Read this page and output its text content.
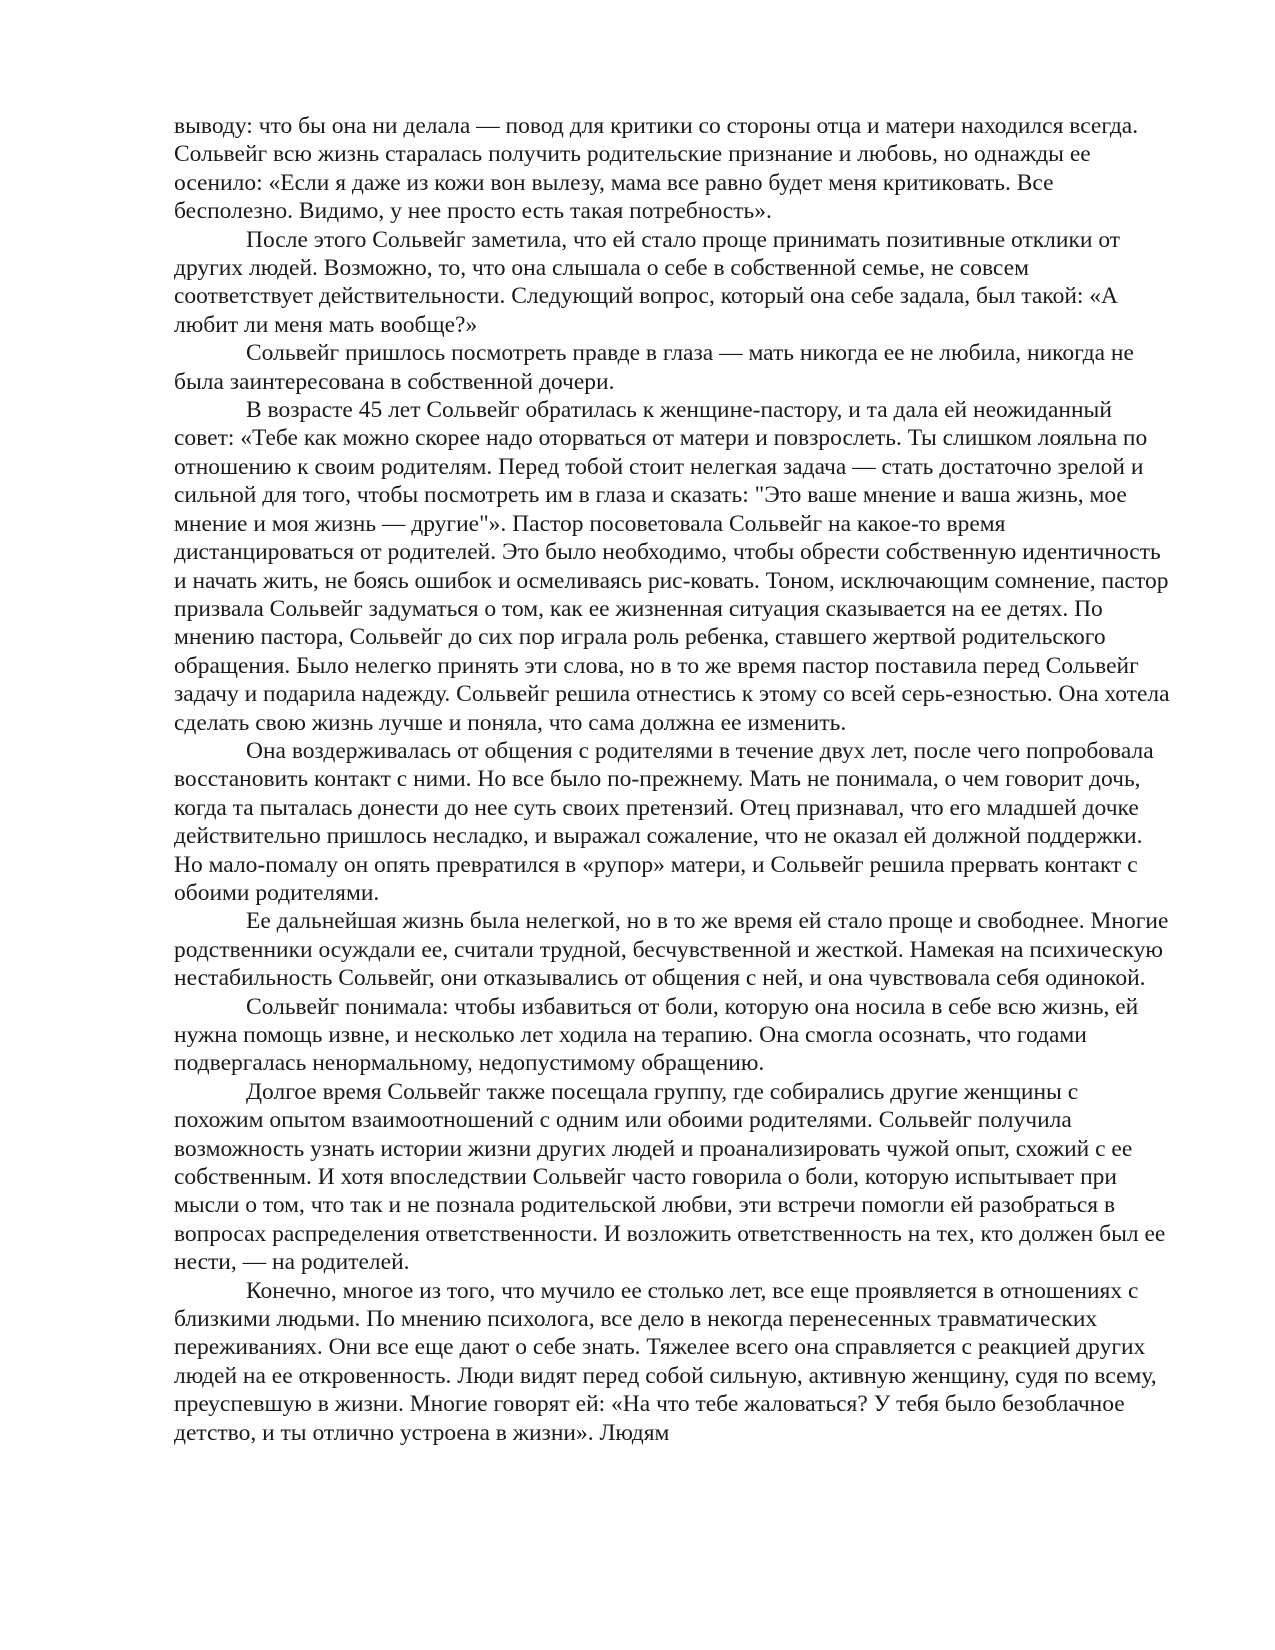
выводу: что бы она ни делала — повод для критики со стороны отца и матери находился всегда. Сольвейг всю жизнь старалась получить родительские признание и любовь, но однажды ее осенило: «Если я даже из кожи вон вылезу, мама все равно будет меня критиковать. Все бесполезно. Видимо, у нее просто есть такая потребность».

После этого Сольвейг заметила, что ей стало проще принимать позитивные отклики от других людей. Возможно, то, что она слышала о себе в собственной семье, не совсем соответствует действительности. Следующий вопрос, который она себе задала, был такой: «А любит ли меня мать вообще?»

Сольвейг пришлось посмотреть правде в глаза — мать никогда ее не любила, никогда не была заинтересована в собственной дочери.

В возрасте 45 лет Сольвейг обратилась к женщине-пастору, и та дала ей неожиданный совет: «Тебе как можно скорее надо оторваться от матери и повзрослеть. Ты слишком лояльна по отношению к своим родителям. Перед тобой стоит нелегкая задача — стать достаточно зрелой и сильной для того, чтобы посмотреть им в глаза и сказать: "Это ваше мнение и ваша жизнь, мое мнение и моя жизнь — другие"». Пастор посоветовала Сольвейг на какое-то время дистанцироваться от родителей. Это было необходимо, чтобы обрести собственную идентичность и начать жить, не боясь ошибок и осмеливаясь рис-ковать. Тоном, исключающим сомнение, пастор призвала Сольвейг задуматься о том, как ее жизненная ситуация сказывается на ее детях. По мнению пастора, Сольвейг до сих пор играла роль ребенка, ставшего жертвой родительского обращения. Было нелегко принять эти слова, но в то же время пастор поставила перед Сольвейг задачу и подарила надежду. Сольвейг решила отнестись к этому со всей серь-езностью. Она хотела сделать свою жизнь лучше и поняла, что сама должна ее изменить.

Она воздерживалась от общения с родителями в течение двух лет, после чего попробовала восстановить контакт с ними. Но все было по-прежнему. Мать не понимала, о чем говорит дочь, когда та пыталась донести до нее суть своих претензий. Отец признавал, что его младшей дочке действительно пришлось несладко, и выражал сожаление, что не оказал ей должной поддержки. Но мало-помалу он опять превратился в «рупор» матери, и Сольвейг решила прервать контакт с обоими родителями.

Ее дальнейшая жизнь была нелегкой, но в то же время ей стало проще и свободнее. Многие родственники осуждали ее, считали трудной, бесчувственной и жесткой. Намекая на психическую нестабильность Сольвейг, они отказывались от общения с ней, и она чувствовала себя одинокой.

Сольвейг понимала: чтобы избавиться от боли, которую она носила в себе всю жизнь, ей нужна помощь извне, и несколько лет ходила на терапию. Она смогла осознать, что годами подвергалась ненормальному, недопустимому обращению.

Долгое время Сольвейг также посещала группу, где собирались другие женщины с похожим опытом взаимоотношений с одним или обоими родителями. Сольвейг получила возможность узнать истории жизни других людей и проанализировать чужой опыт, схожий с ее собственным. И хотя впоследствии Сольвейг часто говорила о боли, которую испытывает при мысли о том, что так и не познала родительской любви, эти встречи помогли ей разобраться в вопросах распределения ответственности. И возложить ответственность на тех, кто должен был ее нести, — на родителей.

Конечно, многое из того, что мучило ее столько лет, все еще проявляется в отношениях с близкими людьми. По мнению психолога, все дело в некогда перенесенных травматических переживаниях. Они все еще дают о себе знать. Тяжелее всего она справляется с реакцией других людей на ее откровенность. Люди видят перед собой сильную, активную женщину, судя по всему, преуспевшую в жизни. Многие говорят ей: «На что тебе жаловаться? У тебя было безоблачное детство, и ты отлично устроена в жизни». Людям
